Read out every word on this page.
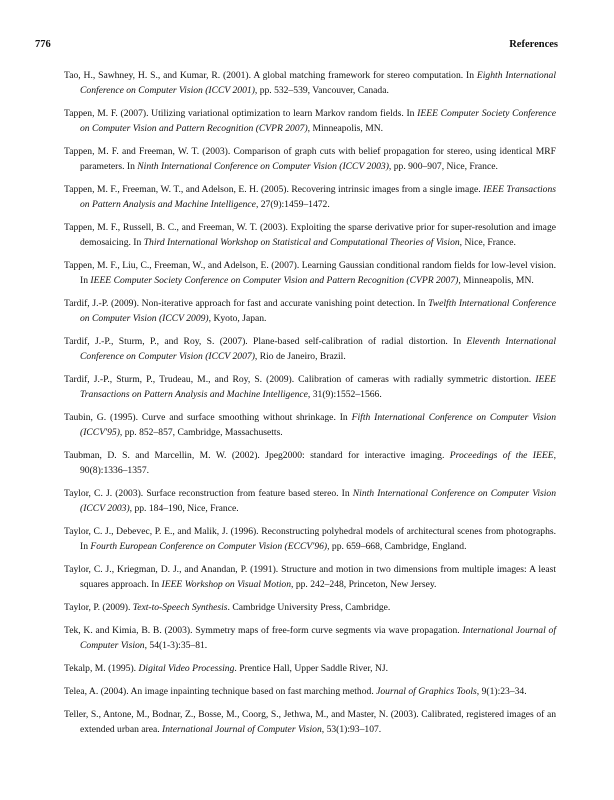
776	References

Tao, H., Sawhney, H. S., and Kumar, R. (2001). A global matching framework for stereo computation. In Eighth International Conference on Computer Vision (ICCV 2001), pp. 532–539, Vancouver, Canada.

Tappen, M. F. (2007). Utilizing variational optimization to learn Markov random fields. In IEEE Computer Society Conference on Computer Vision and Pattern Recognition (CVPR 2007), Minneapolis, MN.

Tappen, M. F. and Freeman, W. T. (2003). Comparison of graph cuts with belief propagation for stereo, using identical MRF parameters. In Ninth International Conference on Computer Vision (ICCV 2003), pp. 900–907, Nice, France.

Tappen, M. F., Freeman, W. T., and Adelson, E. H. (2005). Recovering intrinsic images from a single image. IEEE Transactions on Pattern Analysis and Machine Intelligence, 27(9):1459–1472.

Tappen, M. F., Russell, B. C., and Freeman, W. T. (2003). Exploiting the sparse derivative prior for super-resolution and image demosaicing. In Third International Workshop on Statistical and Computational Theories of Vision, Nice, France.

Tappen, M. F., Liu, C., Freeman, W., and Adelson, E. (2007). Learning Gaussian conditional random fields for low-level vision. In IEEE Computer Society Conference on Computer Vision and Pattern Recognition (CVPR 2007), Minneapolis, MN.

Tardif, J.-P. (2009). Non-iterative approach for fast and accurate vanishing point detection. In Twelfth International Conference on Computer Vision (ICCV 2009), Kyoto, Japan.

Tardif, J.-P., Sturm, P., and Roy, S. (2007). Plane-based self-calibration of radial distortion. In Eleventh International Conference on Computer Vision (ICCV 2007), Rio de Janeiro, Brazil.

Tardif, J.-P., Sturm, P., Trudeau, M., and Roy, S. (2009). Calibration of cameras with radially symmetric distortion. IEEE Transactions on Pattern Analysis and Machine Intelligence, 31(9):1552–1566.

Taubin, G. (1995). Curve and surface smoothing without shrinkage. In Fifth International Conference on Computer Vision (ICCV'95), pp. 852–857, Cambridge, Massachusetts.

Taubman, D. S. and Marcellin, M. W. (2002). Jpeg2000: standard for interactive imaging. Proceedings of the IEEE, 90(8):1336–1357.

Taylor, C. J. (2003). Surface reconstruction from feature based stereo. In Ninth International Conference on Computer Vision (ICCV 2003), pp. 184–190, Nice, France.

Taylor, C. J., Debevec, P. E., and Malik, J. (1996). Reconstructing polyhedral models of architectural scenes from photographs. In Fourth European Conference on Computer Vision (ECCV'96), pp. 659–668, Cambridge, England.

Taylor, C. J., Kriegman, D. J., and Anandan, P. (1991). Structure and motion in two dimensions from multiple images: A least squares approach. In IEEE Workshop on Visual Motion, pp. 242–248, Princeton, New Jersey.

Taylor, P. (2009). Text-to-Speech Synthesis. Cambridge University Press, Cambridge.

Tek, K. and Kimia, B. B. (2003). Symmetry maps of free-form curve segments via wave propagation. International Journal of Computer Vision, 54(1-3):35–81.

Tekalp, M. (1995). Digital Video Processing. Prentice Hall, Upper Saddle River, NJ.

Telea, A. (2004). An image inpainting technique based on fast marching method. Journal of Graphics Tools, 9(1):23–34.

Teller, S., Antone, M., Bodnar, Z., Bosse, M., Coorg, S., Jethwa, M., and Master, N. (2003). Calibrated, registered images of an extended urban area. International Journal of Computer Vision, 53(1):93–107.
